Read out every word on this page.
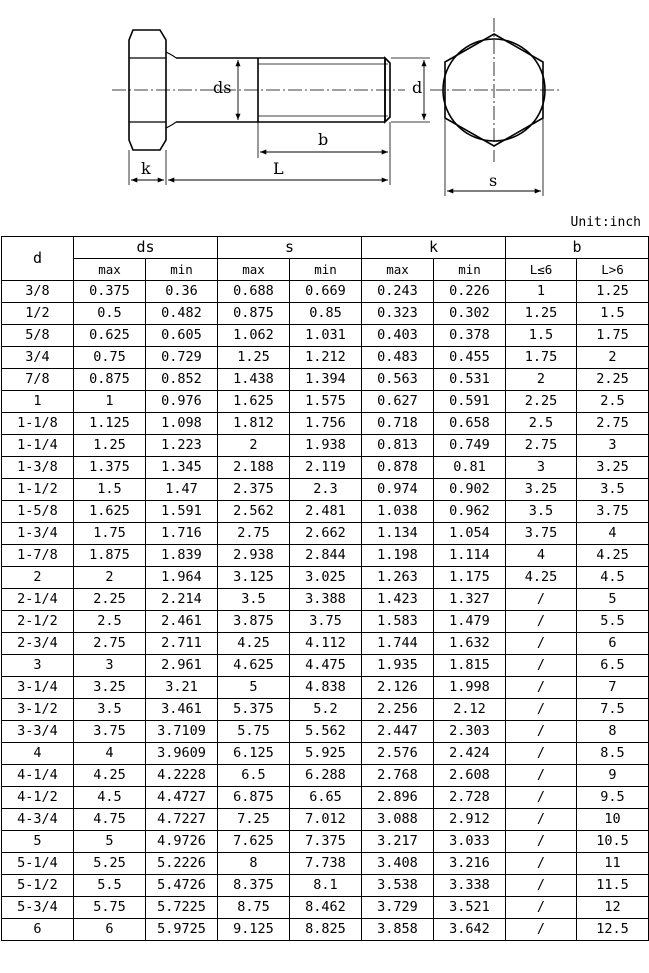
ds	d
b
k	L
s
Unit:inch
d	ds		s		k		b	
	max	min	max	min	max	min	L≤6	L>6
3/8	0.375	0.36	0.688	0.669	0.243	0.226	1	1.25
1/2	0.5	0.482	0.875	0.85	0.323	0.302	1.25	1.5
5/8	0.625	0.605	1.062	1.031	0.403	0.378	1.5	1.75
3/4	0.75	0.729	1.25	1.212	0.483	0.455	1.75	2
7/8	0.875	0.852	1.438	1.394	0.563	0.531	2	2.25
1	1	0.976	1.625	1.575	0.627	0.591	2.25	2.5
1-1/8	1.125	1.098	1.812	1.756	0.718	0.658	2.5	2.75
1-1/4	1.25	1.223	2	1.938	0.813	0.749	2.75	3
1-3/8	1.375	1.345	2.188	2.119	0.878	0.81	3	3.25
1-1/2	1.5	1.47	2.375	2.3	0.974	0.902	3.25	3.5
1-5/8	1.625	1.591	2.562	2.481	1.038	0.962	3.5	3.75
1-3/4	1.75	1.716	2.75	2.662	1.134	1.054	3.75	4
1-7/8	1.875	1.839	2.938	2.844	1.198	1.114	4	4.25
2	2	1.964	3.125	3.025	1.263	1.175	4.25	4.5
2-1/4	2.25	2.214	3.5	3.388	1.423	1.327	/	5
2-1/2	2.5	2.461	3.875	3.75	1.583	1.479	/	5.5
2-3/4	2.75	2.711	4.25	4.112	1.744	1.632	/	6
3	3	2.961	4.625	4.475	1.935	1.815	/	6.5
3-1/4	3.25	3.21	5	4.838	2.126	1.998	/	7
3-1/2	3.5	3.461	5.375	5.2	2.256	2.12	/	7.5
3-3/4	3.75	3.7109	5.75	5.562	2.447	2.303	/	8
4	4	3.9609	6.125	5.925	2.576	2.424	/	8.5
4-1/4	4.25	4.2228	6.5	6.288	2.768	2.608	/	9
4-1/2	4.5	4.4727	6.875	6.65	2.896	2.728	/	9.5
4-3/4	4.75	4.7227	7.25	7.012	3.088	2.912	/	10
5	5	4.9726	7.625	7.375	3.217	3.033	/	10.5
5-1/4	5.25	5.2226	8	7.738	3.408	3.216	/	11
5-1/2	5.5	5.4726	8.375	8.1	3.538	3.338	/	11.5
5-3/4	5.75	5.7225	8.75	8.462	3.729	3.521	/	12
6	6	5.9725	9.125	8.825	3.858	3.642	/	12.5
